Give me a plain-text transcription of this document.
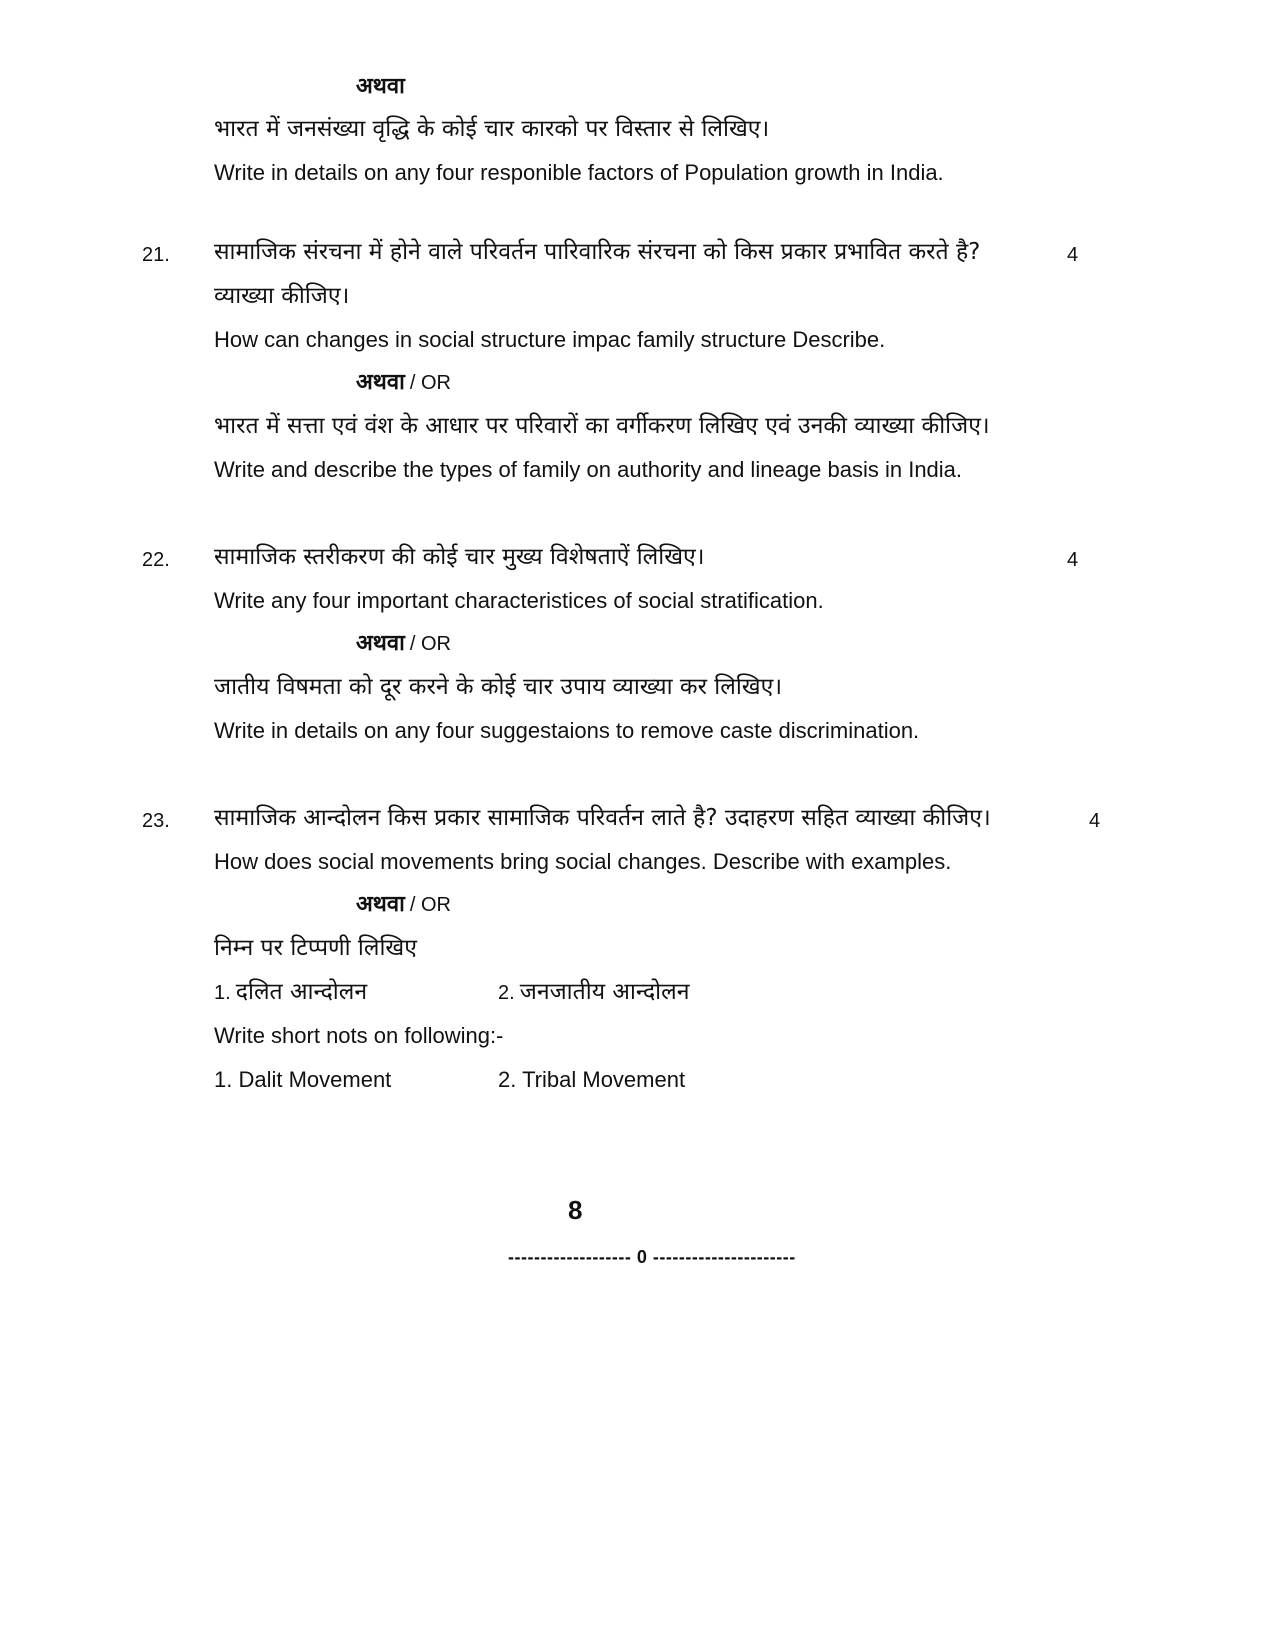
अथवा
भारत में जनसंख्या वृद्धि के कोई चार कारको पर विस्तार से लिखिए।
Write in details on any four responible factors of Population growth in India.
21. सामाजिक संरचना में होने वाले परिवर्तन पारिवारिक संरचना को किस प्रकार प्रभावित करते है?	4
व्याख्या कीजिए।
How can changes in social structure impac family structure Describe.
अथवा / OR
भारत में सत्ता एवं वंश के आधार पर परिवारों का वर्गीकरण लिखिए एवं उनकी व्याख्या कीजिए।
Write and describe the types of family on authority and lineage basis in India.
22. सामाजिक स्तरीकरण की कोई चार मुख्य विशेषताऐं लिखिए।	4
Write any four important characteristices of social stratification.
अथवा / OR
जातीय विषमता को दूर करने के कोई चार उपाय व्याख्या कर लिखिए।
Write in details on any four suggestaions to remove caste discrimination.
23. सामाजिक आन्दोलन किस प्रकार सामाजिक परिवर्तन लाते है? उदाहरण सहित व्याख्या कीजिए।	4
How does social movements bring social changes. Describe with examples.
अथवा / OR
निम्न पर टिप्पणी लिखिए
1. दलित आन्दोलन	2. जनजातीय आन्दोलन
Write short nots on following:-
1. Dalit Movement	2. Tribal Movement
8
------------------- 0 ----------------------
